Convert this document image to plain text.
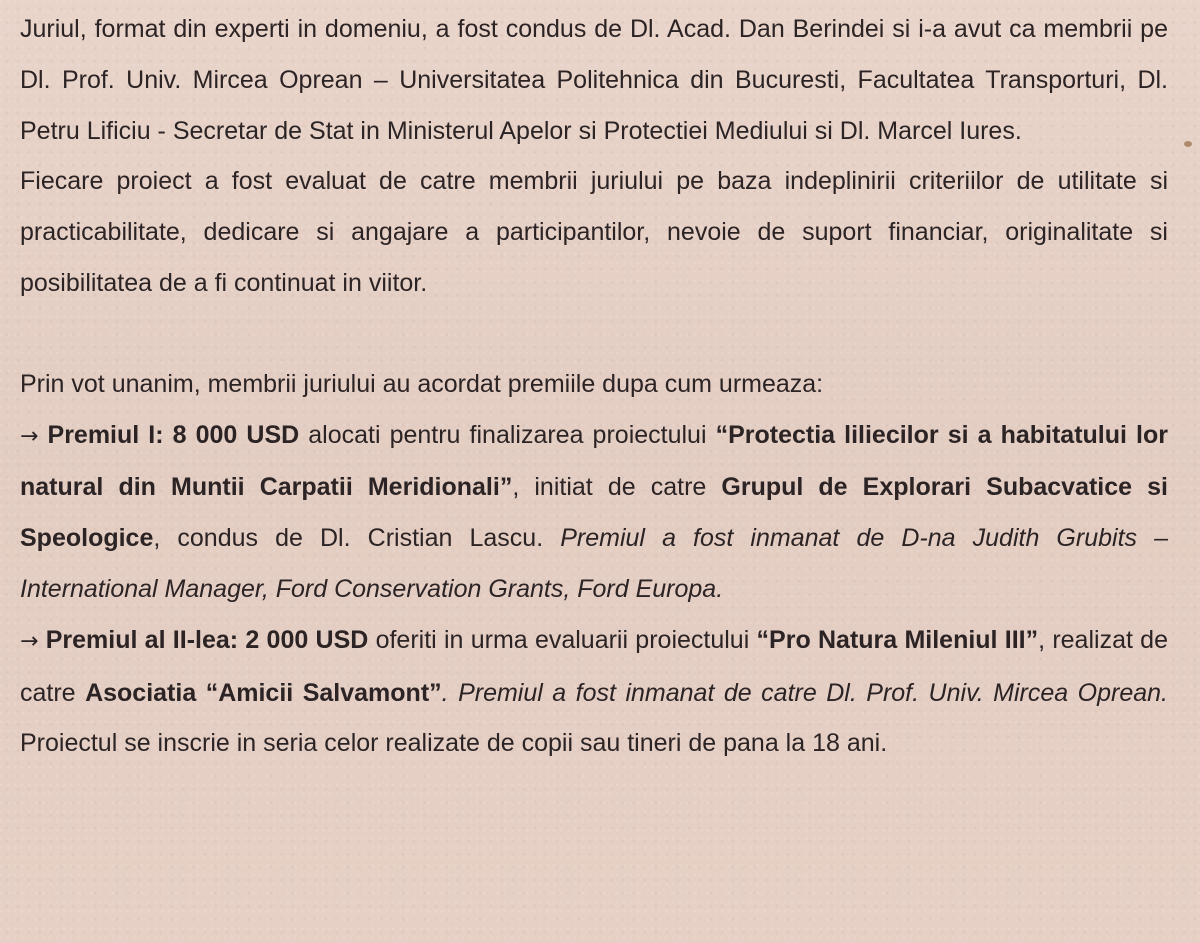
Juriul, format din experti in domeniu, a fost condus de Dl. Acad. Dan Berindei si i-a avut ca membrii pe Dl. Prof. Univ. Mircea Oprean – Universitatea Politehnica din Bucuresti, Facultatea Transporturi, Dl. Petru Lificiu - Secretar de Stat in Ministerul Apelor si Protectiei Mediului si Dl. Marcel Iures.

Fiecare proiect a fost evaluat de catre membrii juriului pe baza indeplinirii criteriilor de utilitate si practicabilitate, dedicare si angajare a participantilor, nevoie de suport financiar, originalitate si posibilitatea de a fi continuat in viitor.

Prin vot unanim, membrii juriului au acordat premiile dupa cum urmeaza:

→ Premiul I: 8 000 USD alocati pentru finalizarea proiectului “Protectia liliecilor si a habitatului lor natural din Muntii Carpatii Meridionali”, initiat de catre Grupul de Explorari Subacvatice si Speologice, condus de Dl. Cristian Lascu. Premiul a fost inmanat de D-na Judith Grubits – International Manager, Ford Conservation Grants, Ford Europa.

→ Premiul al II-lea: 2 000 USD oferiti in urma evaluarii proiectului “Pro Natura Mileniul III”, realizat de catre Asociatia “Amicii Salvamont”. Premiul a fost inmanat de catre Dl. Prof. Univ. Mircea Oprean. Proiectul se inscrie in seria celor realizate de copii sau tineri de pana la 18 ani.
